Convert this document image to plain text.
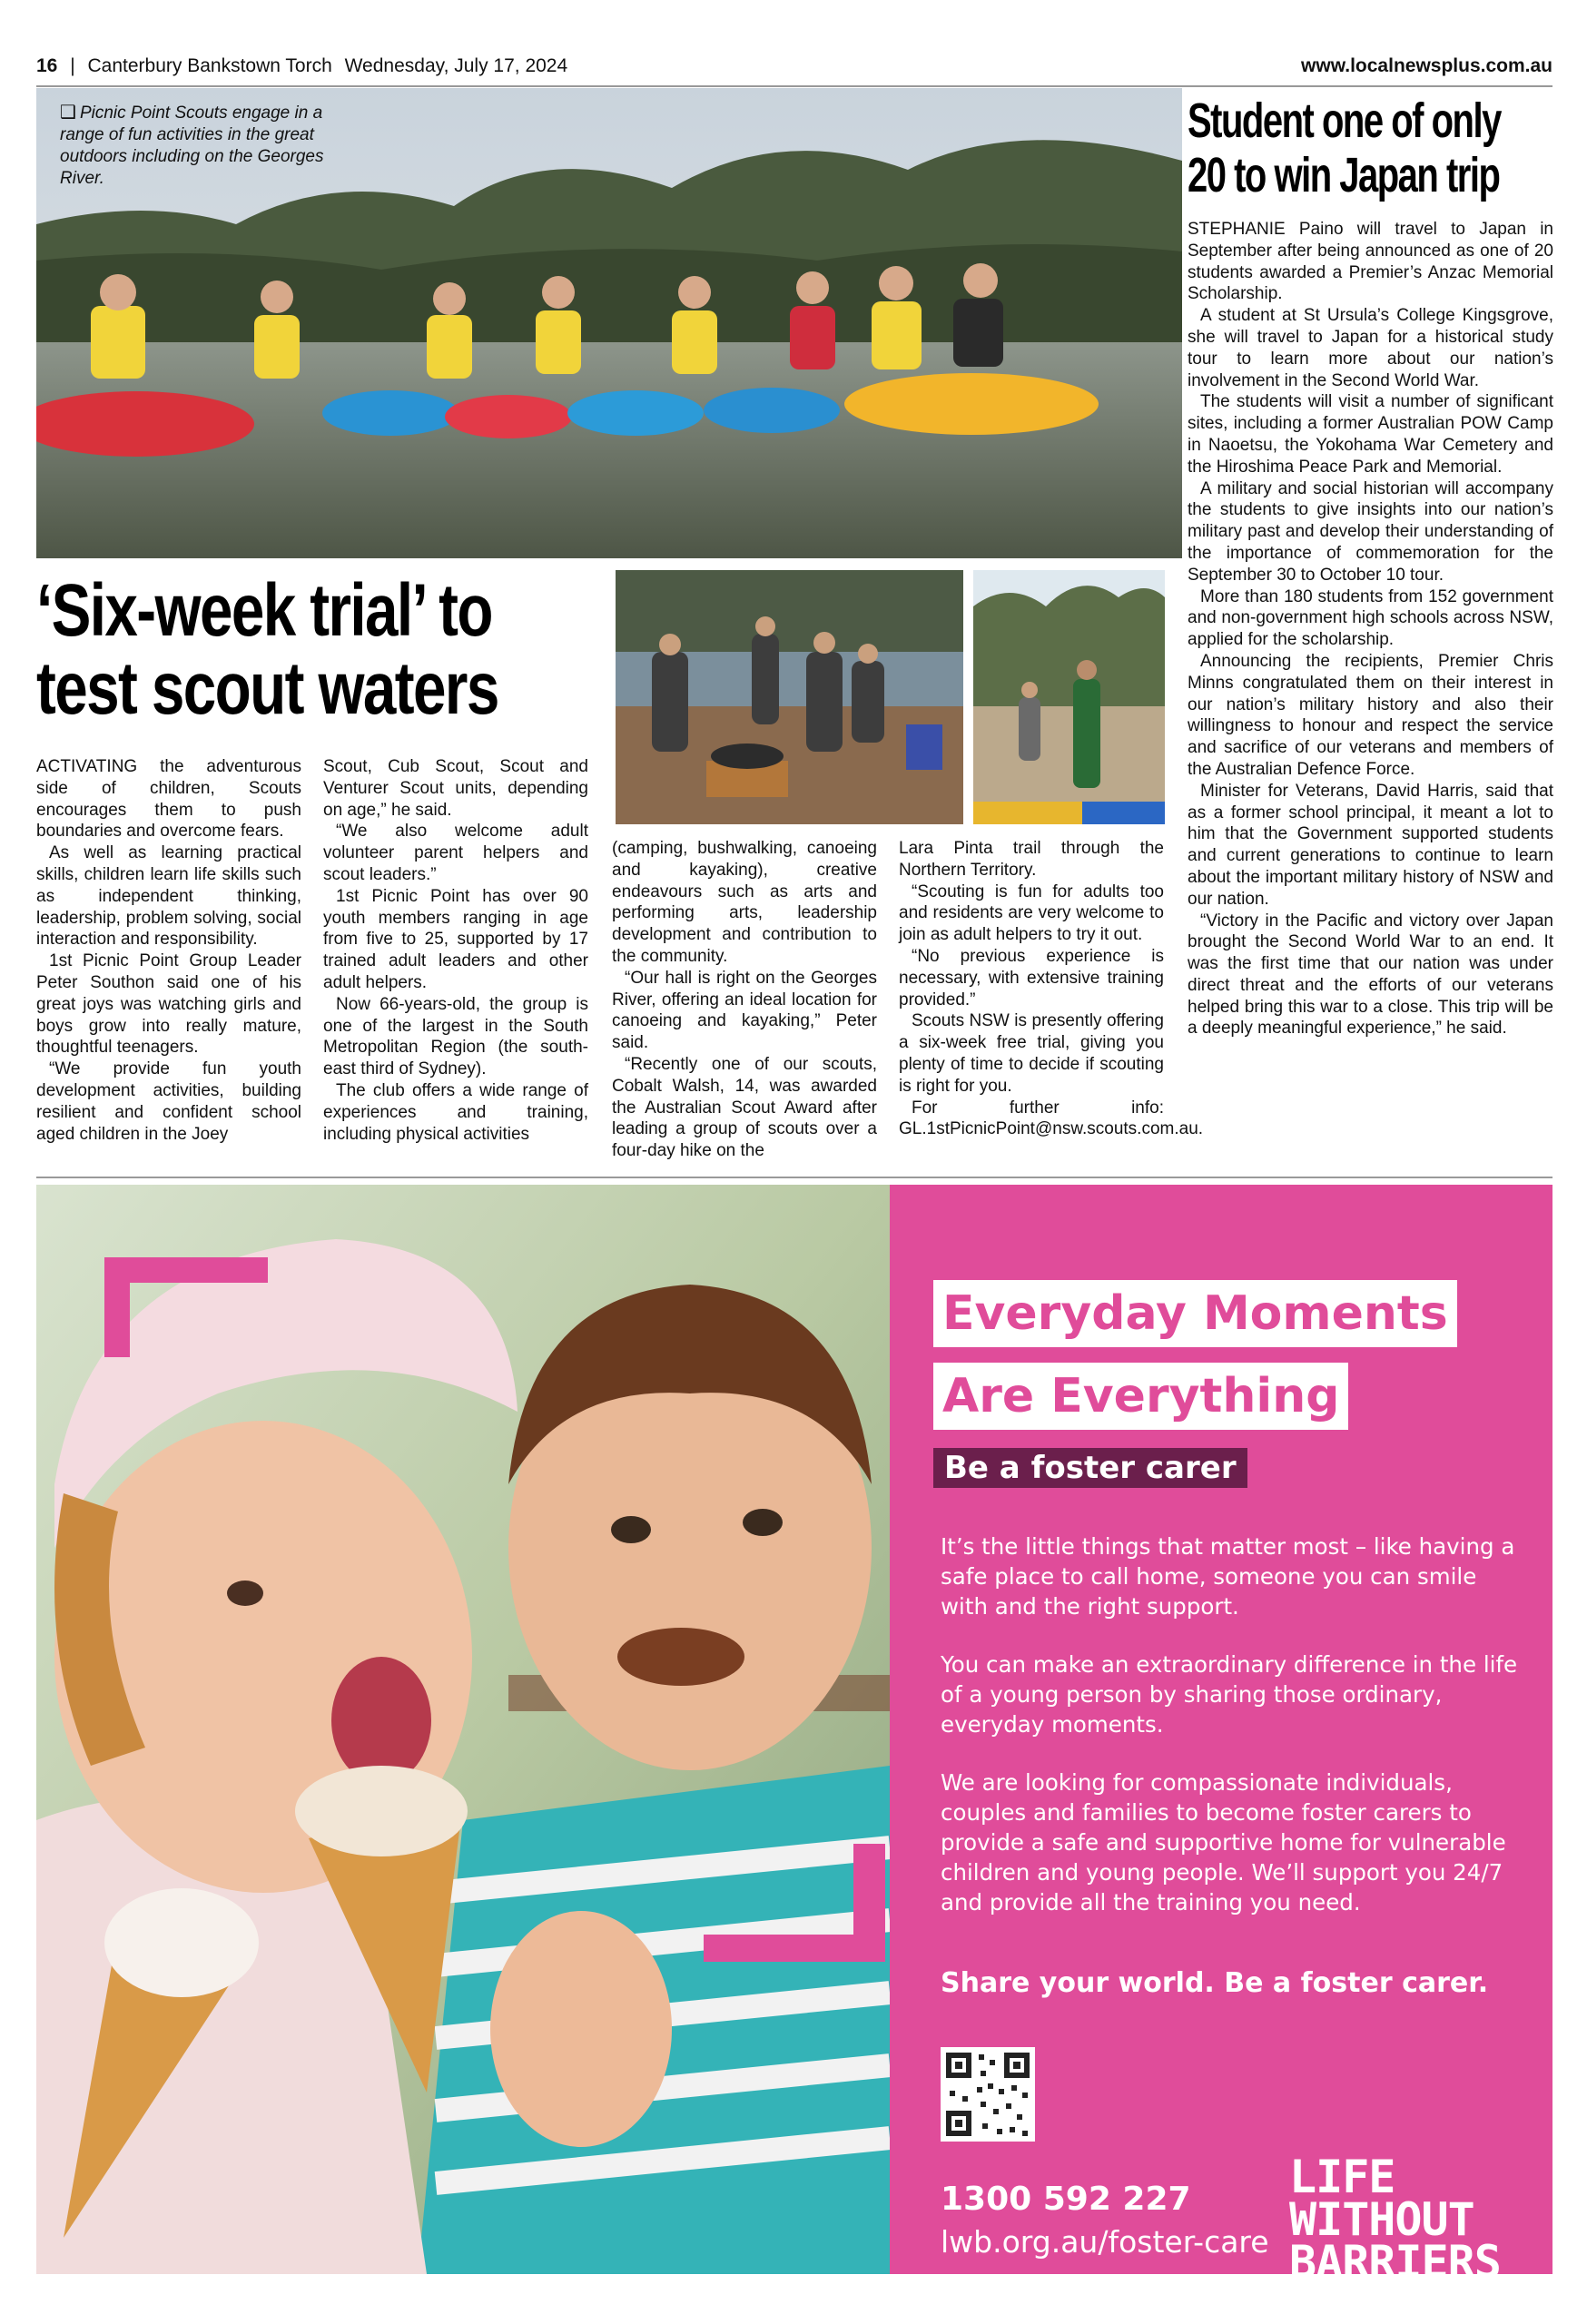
16 | Canterbury Bankstown Torch Wednesday, July 17, 2024	www.localnewsplus.com.au
❑ Picnic Point Scouts engage in a range of fun activities in the great outdoors including on the Georges River.
Student one of only
20 to win Japan trip

STEPHANIE Paino will travel to Japan in September after being announced as one of 20 students awarded a Premier’s Anzac Memorial Scholarship.

A student at St Ursula’s College Kingsgrove, she will travel to Japan for a historical study tour to learn more about our nation’s involvement in the Second World War.

The students will visit a number of significant sites, including a former Australian POW Camp in Naoetsu, the Yokohama War Cemetery and the Hiroshima Peace Park and Memorial.

A military and social historian will accompany the students to give insights into our nation’s military past and develop their understanding of the importance of commemoration for the September 30 to October 10 tour.

More than 180 students from 152 government and non-government high schools across NSW, applied for the scholarship.

Announcing the recipients, Premier Chris Minns congratulated them on their interest in our nation’s military history and also their willingness to honour and respect the service and sacrifice of our veterans and members of the Australian Defence Force.

Minister for Veterans, David Harris, said that as a former school principal, it meant a lot to him that the Government supported students and current generations to continue to learn about the important military history of NSW and our nation.

“Victory in the Pacific and victory over Japan brought the Second World War to an end. It was the first time that our nation was under direct threat and the efforts of our veterans helped bring this war to a close. This trip will be a deeply meaningful experience,” he said.

‘Six-week trial’ to
test scout waters

ACTIVATING the adventurous side of children, Scouts encourages them to push boundaries and overcome fears.

As well as learning practical skills, children learn life skills such as independent thinking, leadership, problem solving, social interaction and responsibility.

1st Picnic Point Group Leader Peter Southon said one of his great joys was watching girls and boys grow into really mature, thoughtful teenagers.

“We provide fun youth development activities, building resilient and confident school aged children in the Joey

Scout, Cub Scout, Scout and Venturer Scout units, depending on age,” he said.

“We also welcome adult volunteer parent helpers and scout leaders.”

1st Picnic Point has over 90 youth members ranging in age from five to 25, supported by 17 trained adult leaders and other adult helpers.

Now 66-years-old, the group is one of the largest in the South Metropolitan Region (the south-east third of Sydney).

The club offers a wide range of experiences and training, including physical activities

(camping, bushwalking, canoeing and kayaking), creative endeavours such as arts and performing arts, leadership development and contribution to the community.

“Our hall is right on the Georges River, offering an ideal location for canoeing and kayaking,” Peter said.

“Recently one of our scouts, Cobalt Walsh, 14, was awarded the Australian Scout Award after leading a group of scouts over a four-day hike on the

Lara Pinta trail through the Northern Territory.

“Scouting is fun for adults too and residents are very welcome to join as adult helpers to try it out.

“No previous experience is necessary, with extensive training provided.”

Scouts NSW is presently offering a six-week free trial, giving you plenty of time to decide if scouting is right for you.

For further info: GL.1stPicnicPoint@nsw.scouts.com.au.

Everyday Moments
Are Everything
Be a foster carer
It’s the little things that matter most – like having a safe place to call home, someone you can smile with and the right support.
You can make an extraordinary difference in the life of a young person by sharing those ordinary, everyday moments.
We are looking for compassionate individuals, couples and families to become foster carers to provide a safe and supportive home for vulnerable children and young people. We’ll support you 24/7 and provide all the training you need.
Share your world. Be a foster carer.
1300 592 227
lwb.org.au/foster-care
LIFE
WITHOUT
BARRIERS
